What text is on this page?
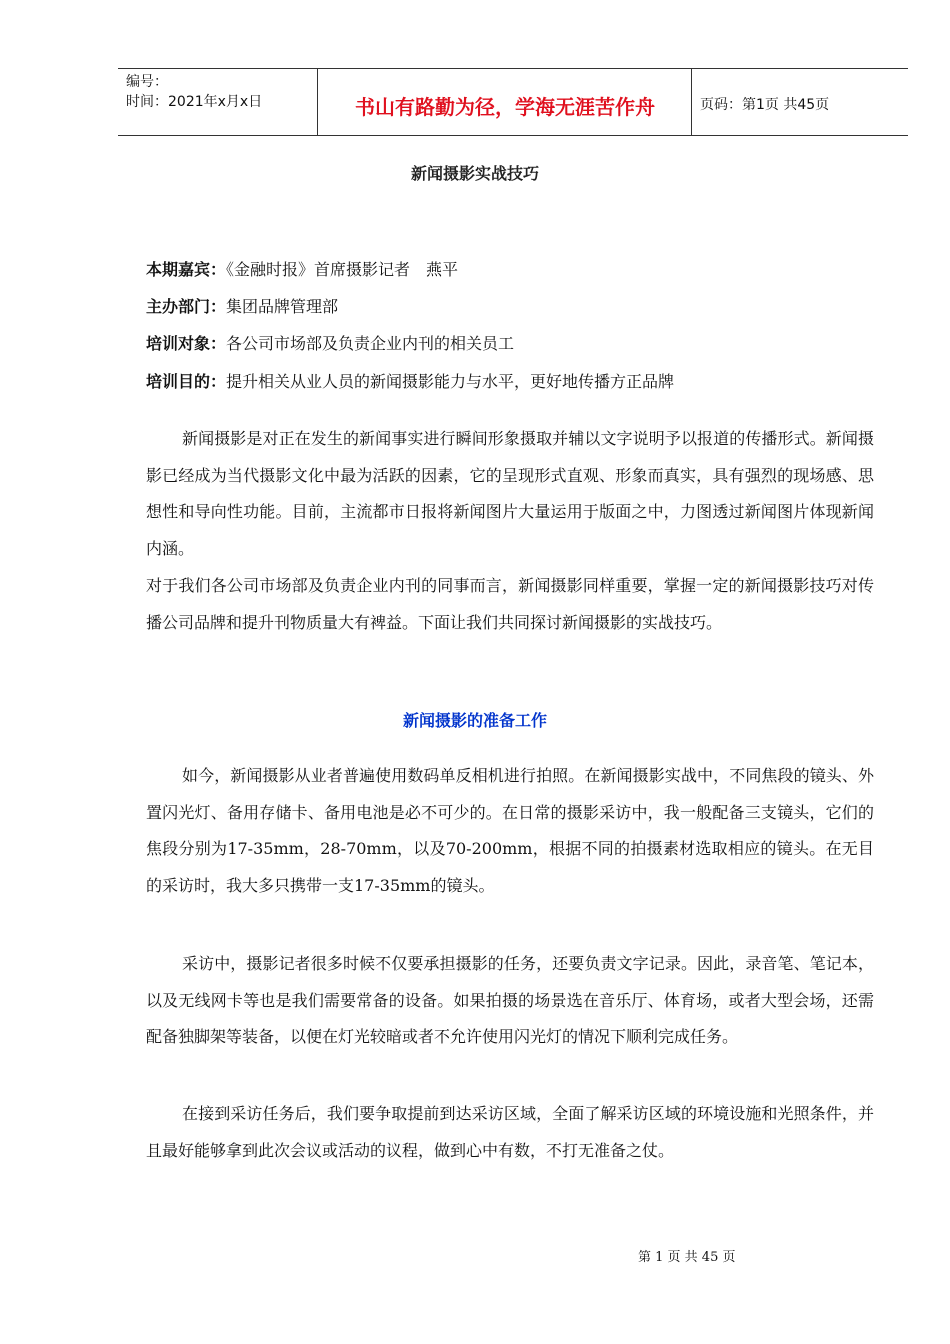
编号：
时间：2021年x月x日	书山有路勤为径，学海无涯苦作舟	页码：第1页 共45页
新闻摄影实战技巧
本期嘉宾：《金融时报》首席摄影记者　燕平
主办部门：集团品牌管理部
培训对象：各公司市场部及负责企业内刊的相关员工
培训目的：提升相关从业人员的新闻摄影能力与水平，更好地传播方正品牌

新闻摄影是对正在发生的新闻事实进行瞬间形象摄取并辅以文字说明予以报道的传播形式。新闻摄影已经成为当代摄影文化中最为活跃的因素，它的呈现形式直观、形象而真实，具有强烈的现场感、思想性和导向性功能。目前，主流都市日报将新闻图片大量运用于版面之中，力图透过新闻图片体现新闻内涵。

对于我们各公司市场部及负责企业内刊的同事而言，新闻摄影同样重要，掌握一定的新闻摄影技巧对传播公司品牌和提升刊物质量大有裨益。下面让我们共同探讨新闻摄影的实战技巧。

新闻摄影的准备工作

如今，新闻摄影从业者普遍使用数码单反相机进行拍照。在新闻摄影实战中，不同焦段的镜头、外置闪光灯、备用存储卡、备用电池是必不可少的。在日常的摄影采访中，我一般配备三支镜头，它们的焦段分别为17-35mm，28-70mm，以及70-200mm，根据不同的拍摄素材选取相应的镜头。在无目的采访时，我大多只携带一支17-35mm的镜头。

采访中，摄影记者很多时候不仅要承担摄影的任务，还要负责文字记录。因此，录音笔、笔记本，以及无线网卡等也是我们需要常备的设备。如果拍摄的场景选在音乐厅、体育场，或者大型会场，还需配备独脚架等装备，以便在灯光较暗或者不允许使用闪光灯的情况下顺利完成任务。

在接到采访任务后，我们要争取提前到达采访区域，全面了解采访区域的环境设施和光照条件，并且最好能够拿到此次会议或活动的议程，做到心中有数，不打无准备之仗。

第 1 页 共 45 页
